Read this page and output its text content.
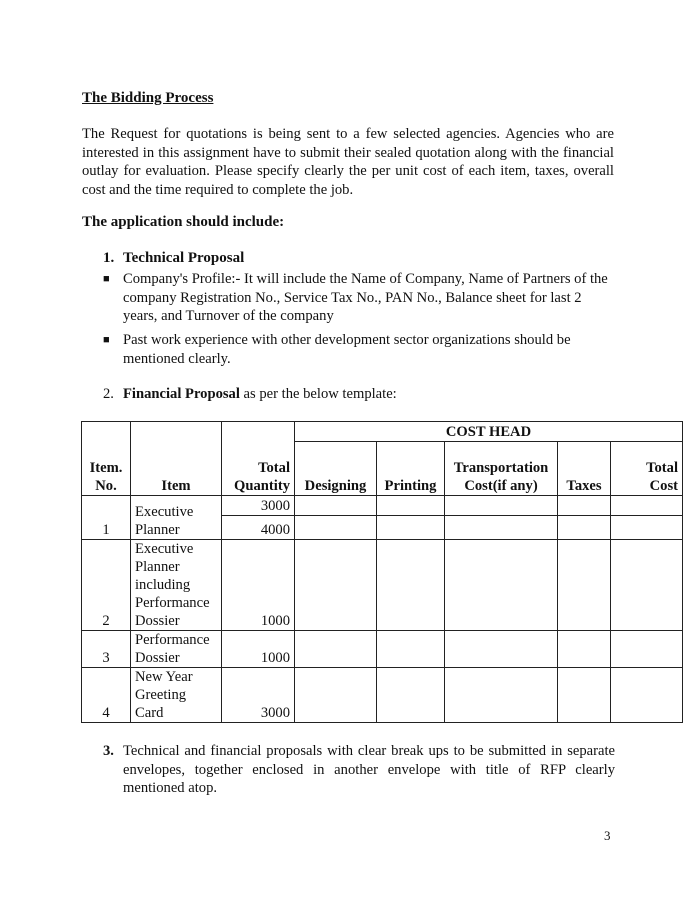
The Bidding Process

The Request for quotations is being sent to a few selected agencies. Agencies who are interested in this assignment have to submit their sealed quotation along with the financial outlay for evaluation. Please specify clearly the per unit cost of each item, taxes, overall cost and the time required to complete the job.

The application should include:

1. Technical Proposal

■ Company's Profile:- It will include the Name of Company, Name of Partners of the company Registration No., Service Tax No., PAN No., Balance sheet for last 2 years, and Turnover of the company
■ Past work experience with other development sector organizations should be mentioned clearly.

2. Financial Proposal as per the below template:

Item. No.	Item	Total Quantity	COST HEAD				
			Designing	Printing	Transportation Cost(if any)	Taxes	Total Cost
1	Executive Planner	3000					
		4000					
2	Executive Planner including Performance Dossier	1000					
3	Performance Dossier	1000					
4	New Year Greeting Card	3000					
3. Technical and financial proposals with clear break ups to be submitted in separate envelopes, together enclosed in another envelope with title of RFP clearly mentioned atop.
3
